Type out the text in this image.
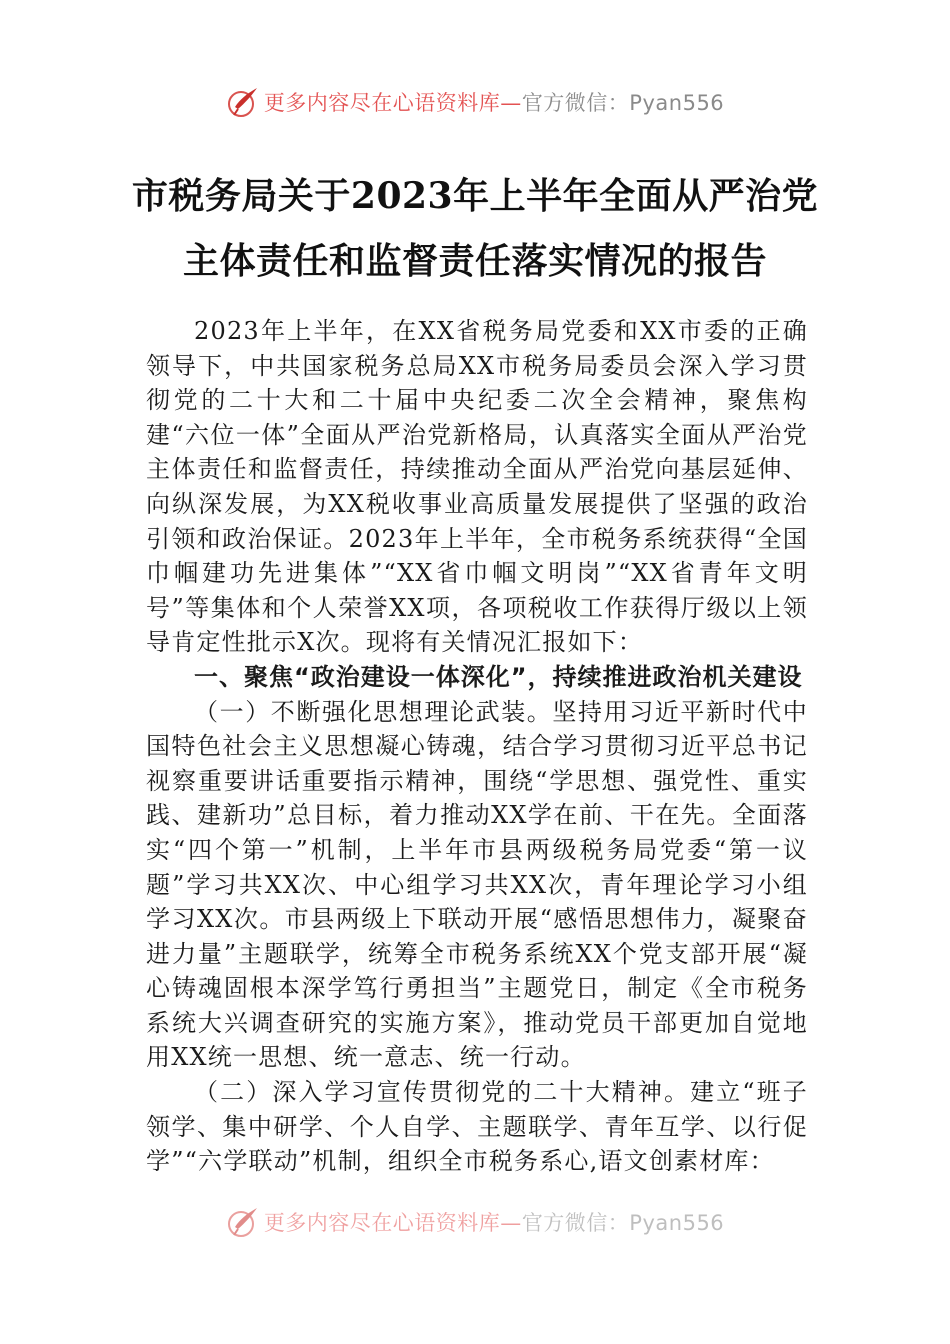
更多内容尽在心语资料库—官方微信：Pyan556
市税务局关于2023年上半年全面从严治党
主体责任和监督责任落实情况的报告

2023年上半年，在XX省税务局党委和XX市委的正确领导下，中共国家税务总局XX市税务局委员会深入学习贯彻党的二十大和二十届中央纪委二次全会精神，聚焦构建“六位一体”全面从严治党新格局，认真落实全面从严治党主体责任和监督责任，持续推动全面从严治党向基层延伸、向纵深发展，为XX税收事业高质量发展提供了坚强的政治引领和政治保证。2023年上半年，全市税务系统获得“全国巾帼建功先进集体”“XX省巾帼文明岗”“XX省青年文明号”等集体和个人荣誉XX项，各项税收工作获得厅级以上领导肯定性批示X次。现将有关情况汇报如下：

一、聚焦“政治建设一体深化”，持续推进政治机关建设

（一）不断强化思想理论武装。坚持用习近平新时代中国特色社会主义思想凝心铸魂，结合学习贯彻习近平总书记视察重要讲话重要指示精神，围绕“学思想、强党性、重实践、建新功”总目标，着力推动XX学在前、干在先。全面落实“四个第一”机制，上半年市县两级税务局党委“第一议题”学习共XX次、中心组学习共XX次，青年理论学习小组学习XX次。市县两级上下联动开展“感悟思想伟力，凝聚奋进力量”主题联学，统筹全市税务系统XX个党支部开展“凝心铸魂固根本深学笃行勇担当”主题党日，制定《全市税务系统大兴调查研究的实施方案》，推动党员干部更加自觉地用XX统一思想、统一意志、统一行动。

（二）深入学习宣传贯彻党的二十大精神。建立“班子领学、集中研学、个人自学、主题联学、青年互学、以行促学”“六学联动”机制，组织全市税务系心,语文创素材库：

更多内容尽在心语资料库—官方微信：Pyan556
